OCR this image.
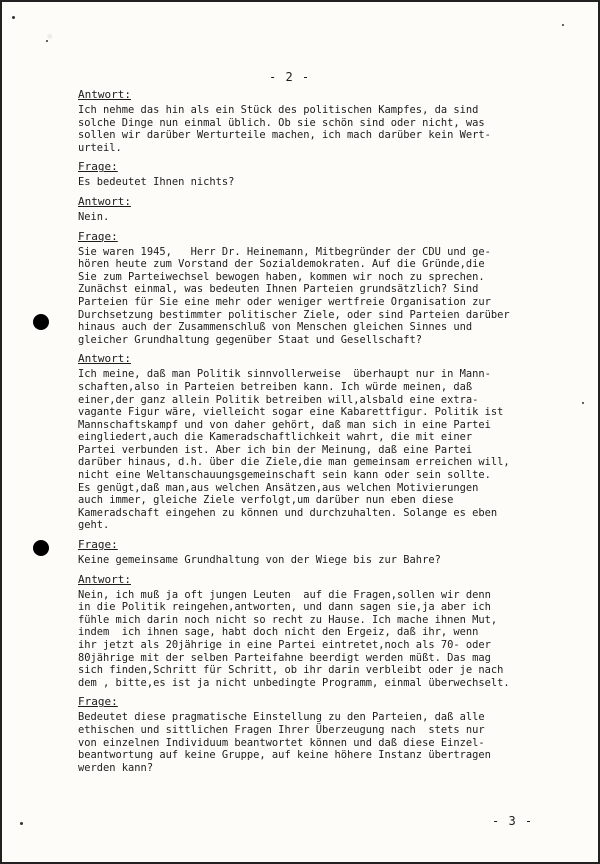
- 2 -
- 3 -
Antwort:
Ich nehme das hin als ein Stück des politischen Kampfes, da sind
solche Dinge nun einmal üblich. Ob sie schön sind oder nicht, was
sollen wir darüber Werturteile machen, ich mach darüber kein Wert-
urteil.
Frage:
Es bedeutet Ihnen nichts?
Antwort:
Nein.
Frage:
Sie waren 1945,   Herr Dr. Heinemann, Mitbegründer der CDU und ge-
hören heute zum Vorstand der Sozialdemokraten. Auf die Gründe,die
Sie zum Parteiwechsel bewogen haben, kommen wir noch zu sprechen.
Zunächst einmal, was bedeuten Ihnen Parteien grundsätzlich? Sind
Parteien für Sie eine mehr oder weniger wertfreie Organisation zur
Durchsetzung bestimmter politischer Ziele, oder sind Parteien darüber
hinaus auch der Zusammenschluß von Menschen gleichen Sinnes und
gleicher Grundhaltung gegenüber Staat und Gesellschaft?
Antwort:
Ich meine, daß man Politik sinnvollerweise  überhaupt nur in Mann-
schaften,also in Parteien betreiben kann. Ich würde meinen, daß
einer,der ganz allein Politik betreiben will,alsbald eine extra-
vagante Figur wäre, vielleicht sogar eine Kabarettfigur. Politik ist
Mannschaftskampf und von daher gehört, daß man sich in eine Partei
eingliedert,auch die Kameradschaftlichkeit wahrt, die mit einer
Partei verbunden ist. Aber ich bin der Meinung, daß eine Partei
darüber hinaus, d.h. über die Ziele,die man gemeinsam erreichen will,
nicht eine Weltanschauungsgemeinschaft sein kann oder sein sollte.
Es genügt,daß man,aus welchen Ansätzen,aus welchen Motivierungen
auch immer, gleiche Ziele verfolgt,um darüber nun eben diese
Kameradschaft eingehen zu können und durchzuhalten. Solange es eben
geht.
Frage:
Keine gemeinsame Grundhaltung von der Wiege bis zur Bahre?
Antwort:
Nein, ich muß ja oft jungen Leuten  auf die Fragen,sollen wir denn
in die Politik reingehen,antworten, und dann sagen sie,ja aber ich
fühle mich darin noch nicht so recht zu Hause. Ich mache ihnen Mut,
indem  ich ihnen sage, habt doch nicht den Ergeiz, daß ihr, wenn
ihr jetzt als 20jährige in eine Partei eintretet,noch als 70- oder
80jährige mit der selben Parteifahne beerdigt werden müßt. Das mag
sich finden,Schritt für Schritt, ob ihr darin verbleibt oder je nach
dem , bitte,es ist ja nicht unbedingte Programm, einmal überwechselt.
Frage:
Bedeutet diese pragmatische Einstellung zu den Parteien, daß alle
ethischen und sittlichen Fragen Ihrer Überzeugung nach  stets nur
von einzelnen Individuum beantwortet können und daß diese Einzel-
beantwortung auf keine Gruppe, auf keine höhere Instanz übertragen
werden kann?
